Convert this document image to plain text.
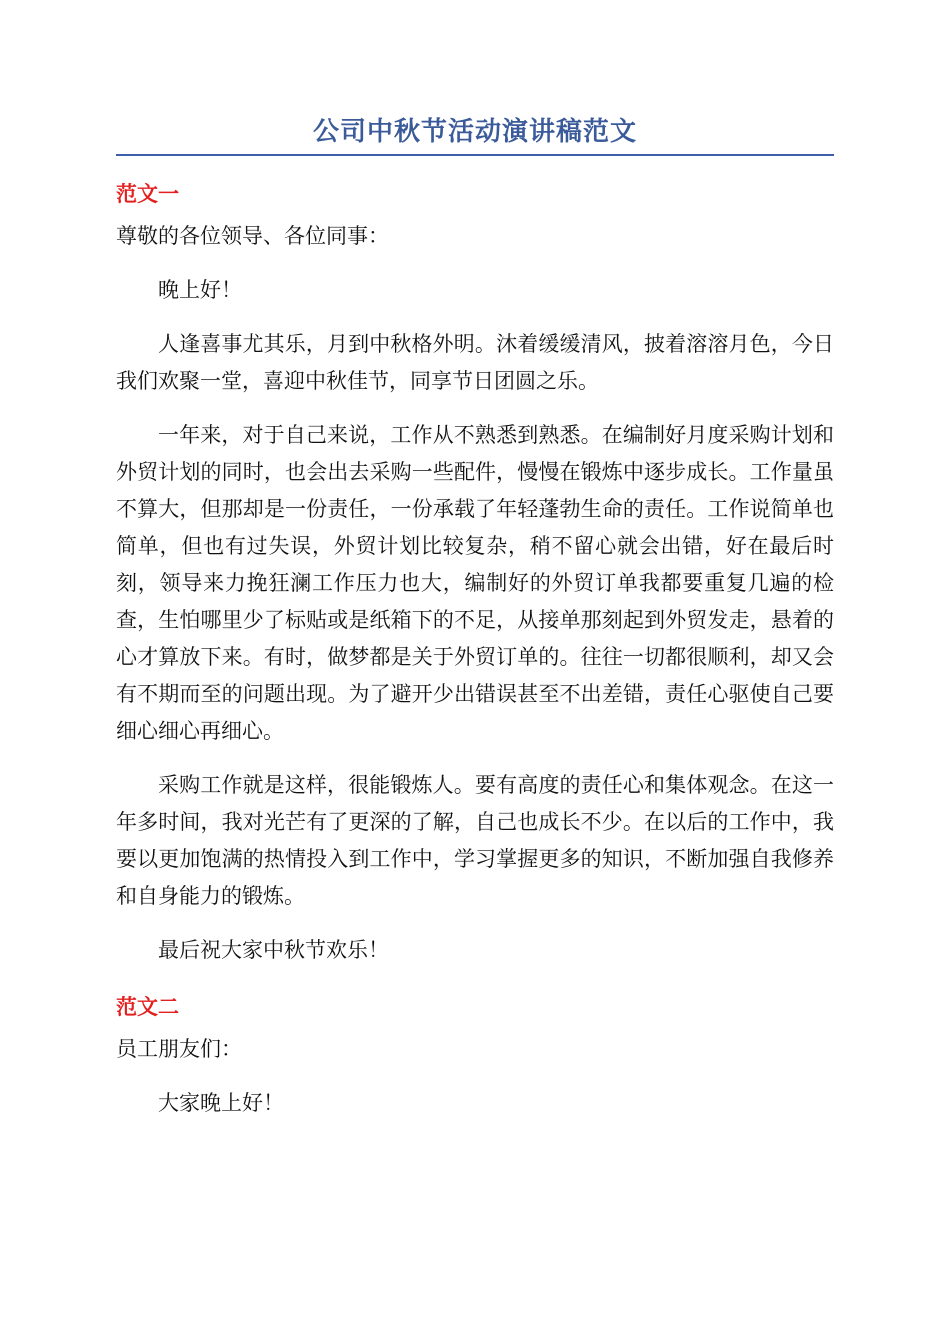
公司中秋节活动演讲稿范文
范文一

尊敬的各位领导、各位同事：

晚上好！

人逢喜事尤其乐，月到中秋格外明。沐着缓缓清风，披着溶溶月色，今日我们欢聚一堂，喜迎中秋佳节，同享节日团圆之乐。

一年来，对于自己来说，工作从不熟悉到熟悉。在编制好月度采购计划和外贸计划的同时，也会出去采购一些配件，慢慢在锻炼中逐步成长。工作量虽不算大，但那却是一份责任，一份承载了年轻蓬勃生命的责任。工作说简单也简单，但也有过失误，外贸计划比较复杂，稍不留心就会出错，好在最后时刻，领导来力挽狂澜工作压力也大，编制好的外贸订单我都要重复几遍的检查，生怕哪里少了标贴或是纸箱下的不足，从接单那刻起到外贸发走，悬着的心才算放下来。有时，做梦都是关于外贸订单的。往往一切都很顺利，却又会有不期而至的问题出现。为了避开少出错误甚至不出差错，责任心驱使自己要细心细心再细心。

采购工作就是这样，很能锻炼人。要有高度的责任心和集体观念。在这一年多时间，我对光芒有了更深的了解，自己也成长不少。在以后的工作中，我要以更加饱满的热情投入到工作中，学习掌握更多的知识，不断加强自我修养和自身能力的锻炼。

最后祝大家中秋节欢乐！

范文二

员工朋友们：

大家晚上好！
